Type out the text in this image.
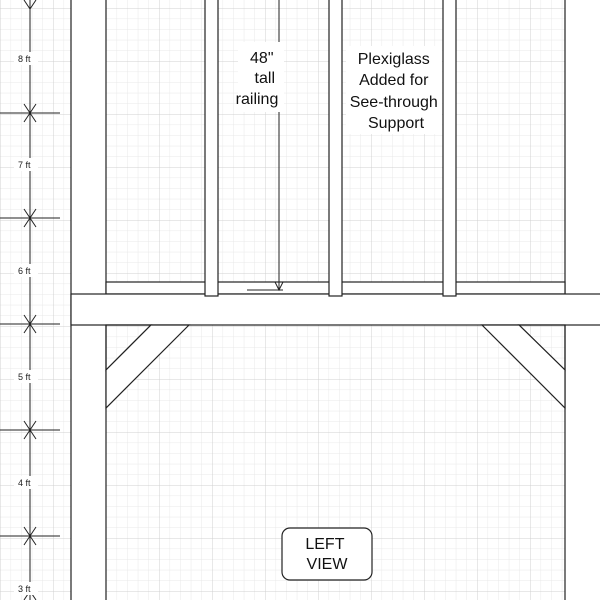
8 ft
7 ft
6 ft
5 ft
4 ft
3 ft
48" tall railing
Plexiglass Added for See-through Support
LEFT VIEW
